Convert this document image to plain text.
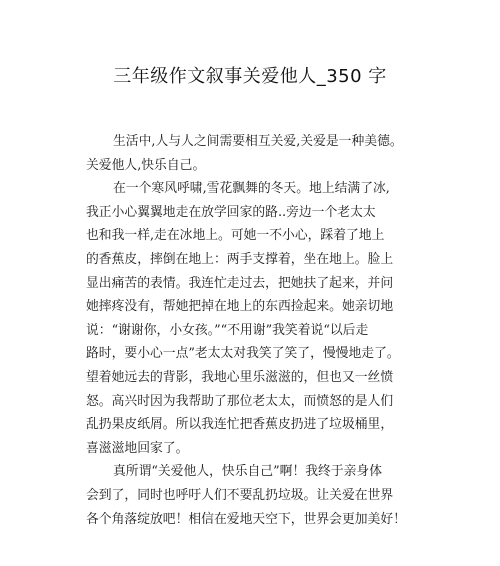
三年级作文叙事关爱他人_350 字
生活中,人与人之间需要相互关爱,关爱是一种美德。
关爱他人,快乐自己。
在一个寒风呼啸,雪花飘舞的冬天。地上结满了冰,
我正小心翼翼地走在放学回家的路..旁边一个老太太
也和我一样,走在冰地上。可她一不小心，踩着了地上
的香蕉皮，摔倒在地上：两手支撑着，坐在地上。脸上
显出痛苦的表情。我连忙走过去，把她扶了起来，并问
她摔疼没有，帮她把掉在地上的东西捡起来。她亲切地
说：“谢谢你，小女孩。”“不用谢”我笑着说“以后走
路时，要小心一点”老太太对我笑了笑了，慢慢地走了。
望着她远去的背影，我地心里乐滋滋的，但也又一丝愤
怒。高兴时因为我帮助了那位老太太，而愤怒的是人们
乱扔果皮纸屑。所以我连忙把香蕉皮扔进了垃圾桶里，
喜滋滋地回家了。
真所谓“关爱他人，快乐自己”啊！我终于亲身体
会到了，同时也呼吁人们不要乱扔垃圾。让关爱在世界
各个角落绽放吧！相信在爱地天空下，世界会更加美好！
